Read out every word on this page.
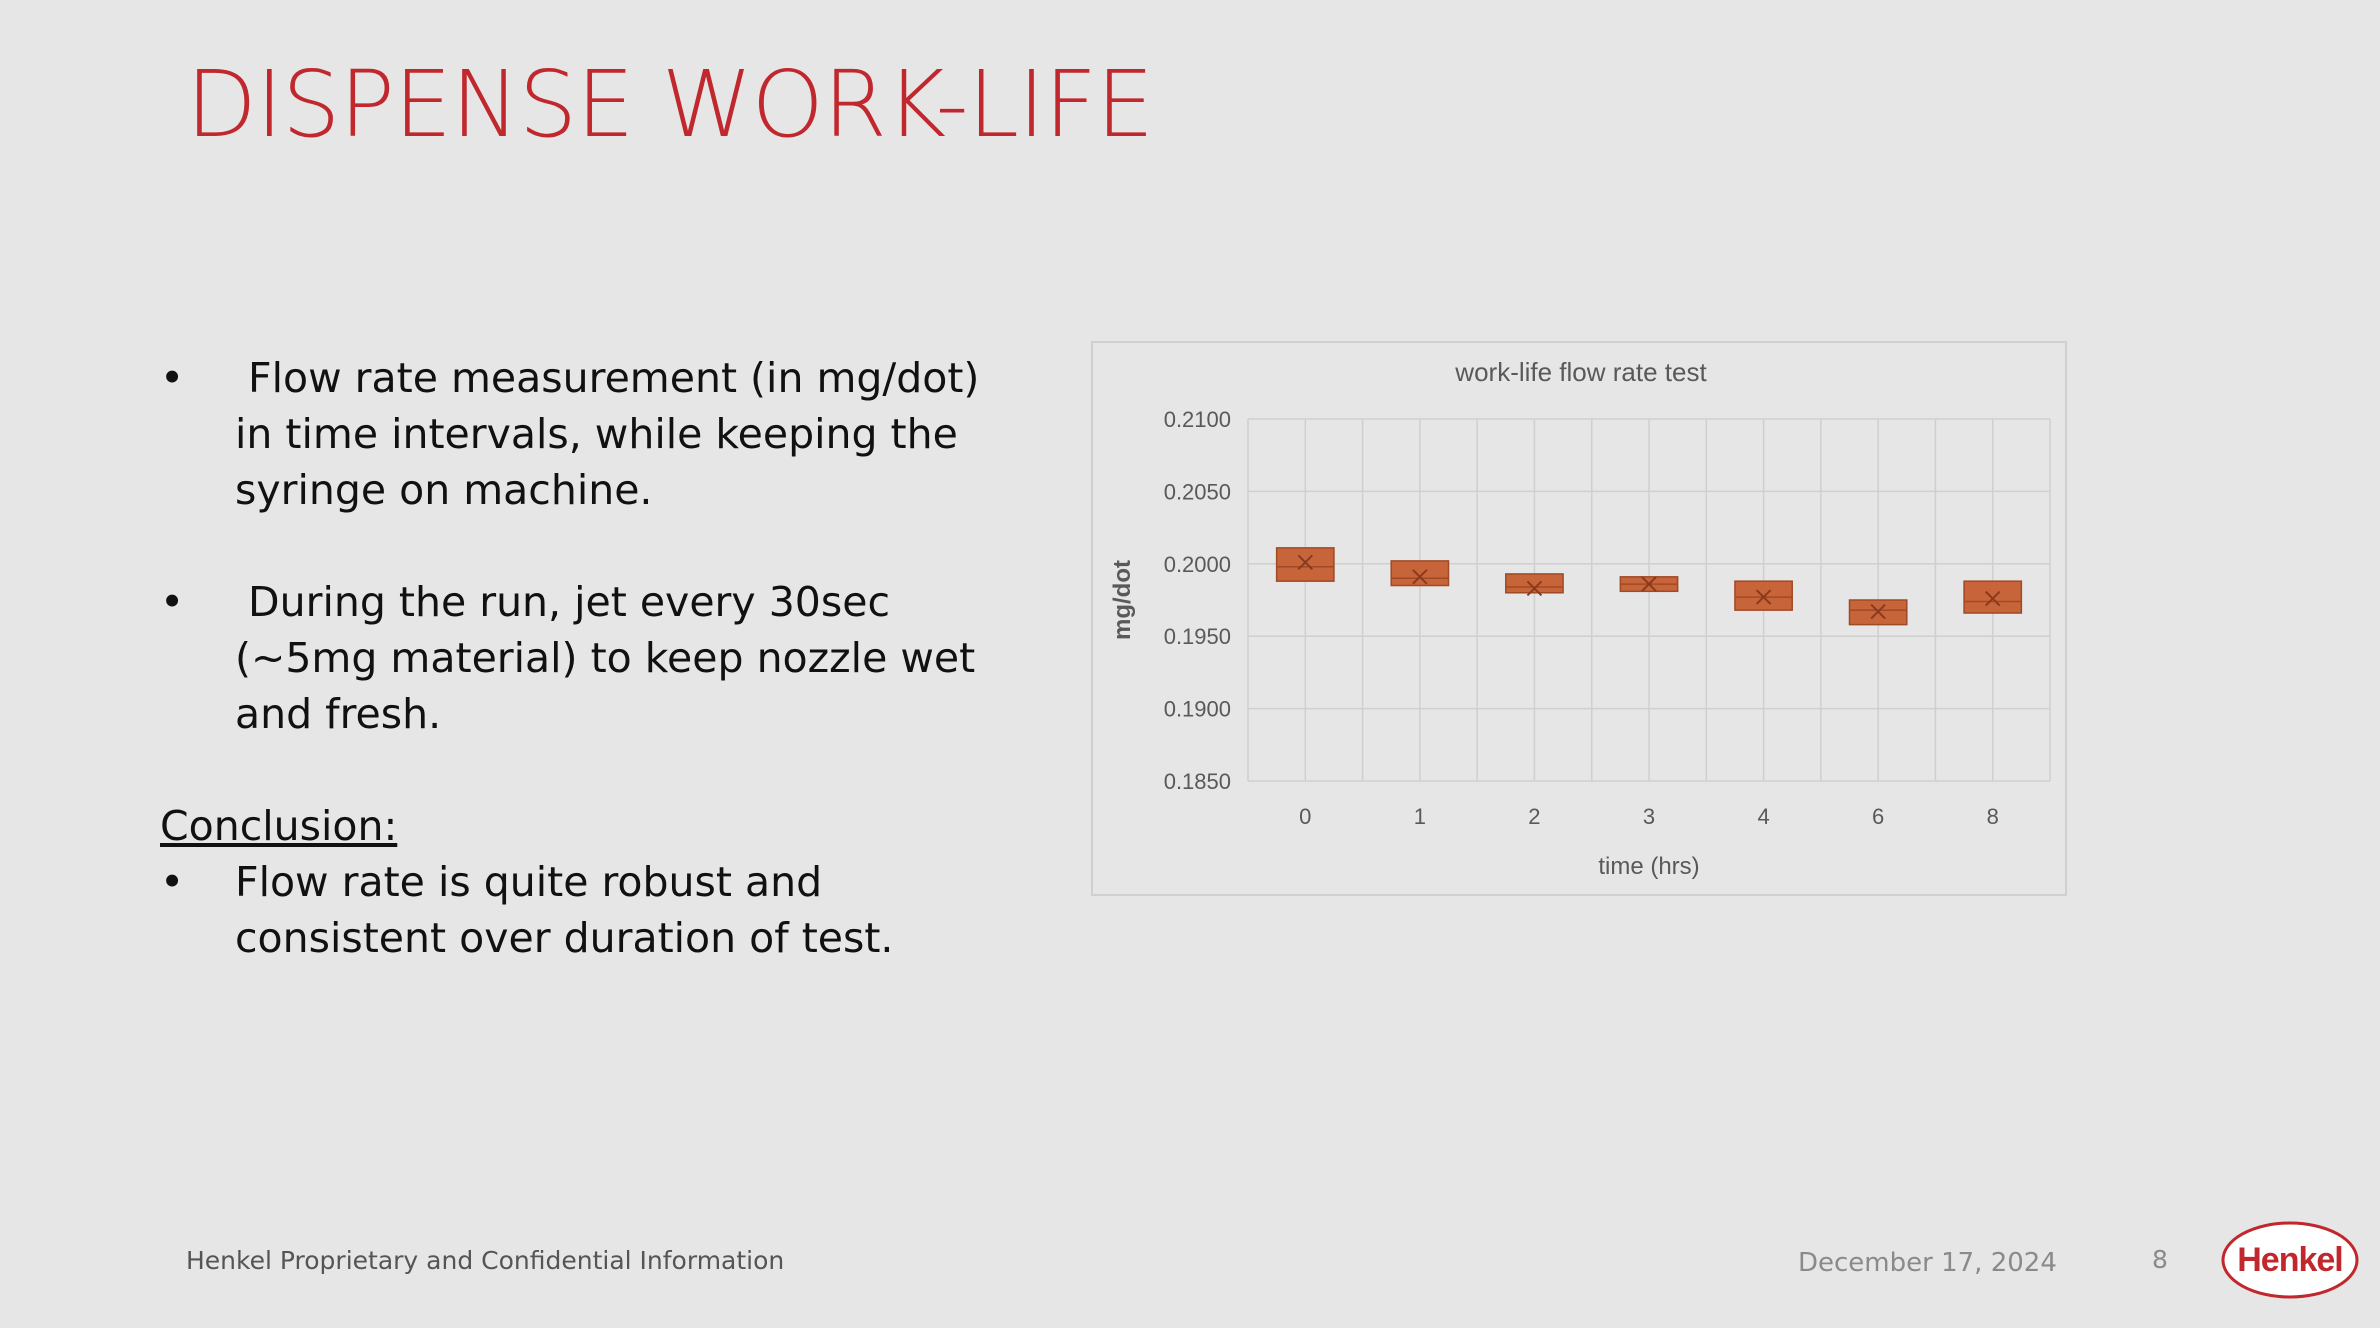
DISPENSE WORK-LIFE
•	Flow rate measurement (in mg/dot) in time intervals, while keeping the syringe on machine.
•	During the run, jet every 30sec (~5mg material) to keep nozzle wet and fresh.
Conclusion:
•	Flow rate is quite robust and consistent over duration of test.
0.2100
0.2050
0.2000
0.1950
0.1900
0.1850
0	1	2	3	4	6	8
work-life flow rate test
time (hrs)
mg/dot
Henkel Proprietary and Confidential Information	December 17, 2024	8 Henkel
